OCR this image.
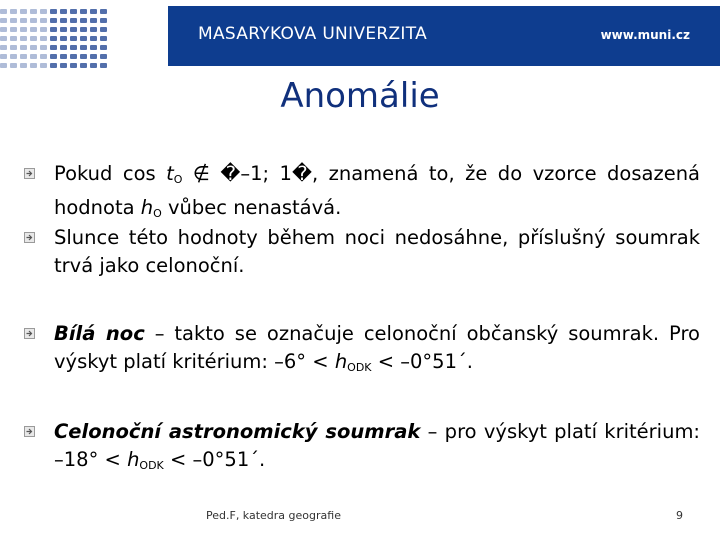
MASARYKOVA UNIVERZITA	www.muni.cz
Anomálie
Pokud $\cos t_O$ ∉ �–1; 1�, znamená to, že do vzorce dosazená hodnota $h_O$ vůbec nenastává.
Slunce této hodnoty během noci nedosáhne, příslušný soumrak trvá jako celonoční.
Bílá noc – takto se označuje celonoční občanský soumrak. Pro výskyt platí kritérium: $-6^\circ < h_{ODK}$ < –0°51´.
Celonoční astronomický soumrak – pro výskyt platí kritérium: $-18^\circ < h_{ODK}$ < –0°51´.
Ped.F, katedra geografie	9
